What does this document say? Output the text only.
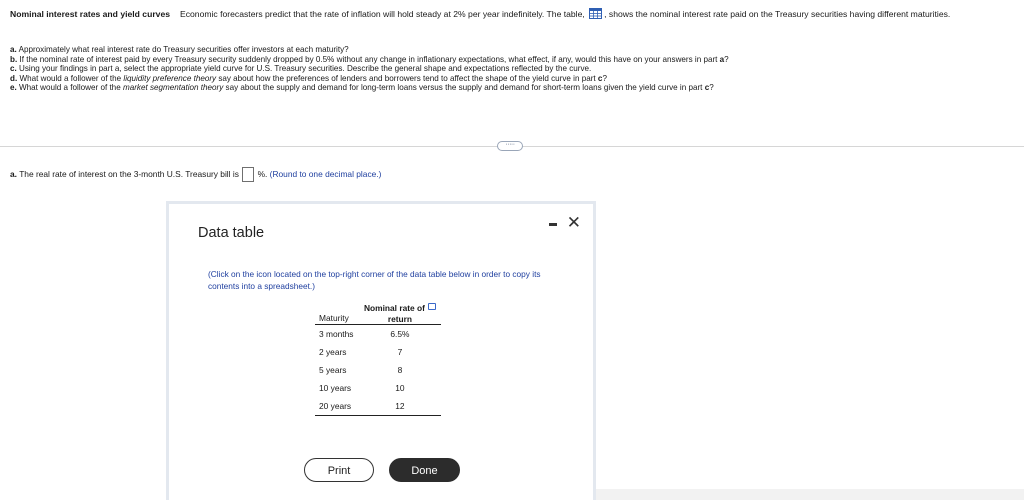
Nominal interest rates and yield curves Economic forecasters predict that the rate of inflation will hold steady at 2% per year indefinitely. The table, , shows the nominal interest rate paid on the Treasury securities having different maturities.
a. Approximately what real interest rate do Treasury securities offer investors at each maturity?
b. If the nominal rate of interest paid by every Treasury security suddenly dropped by 0.5% without any change in inflationary expectations, what effect, if any, would this have on your answers in part a?
c. Using your findings in part a, select the appropriate yield curve for U.S. Treasury securities. Describe the general shape and expectations reflected by the curve.
d. What would a follower of the liquidity preference theory say about how the preferences of lenders and borrowers tend to affect the shape of the yield curve in part c?
e. What would a follower of the market segmentation theory say about the supply and demand for long-term loans versus the supply and demand for short-term loans given the yield curve in part c?
·····
a. The real rate of interest on the 3-month U.S. Treasury bill is %. (Round to one decimal place.)
Data table
✕
(Click on the icon located on the top-right corner of the data table below in order to copy its contents into a spreadsheet.)
Maturity	Nominal rate of
return
3 months	6.5%
2 years	7
5 years	8
10 years	10
20 years	12
Print	Done
